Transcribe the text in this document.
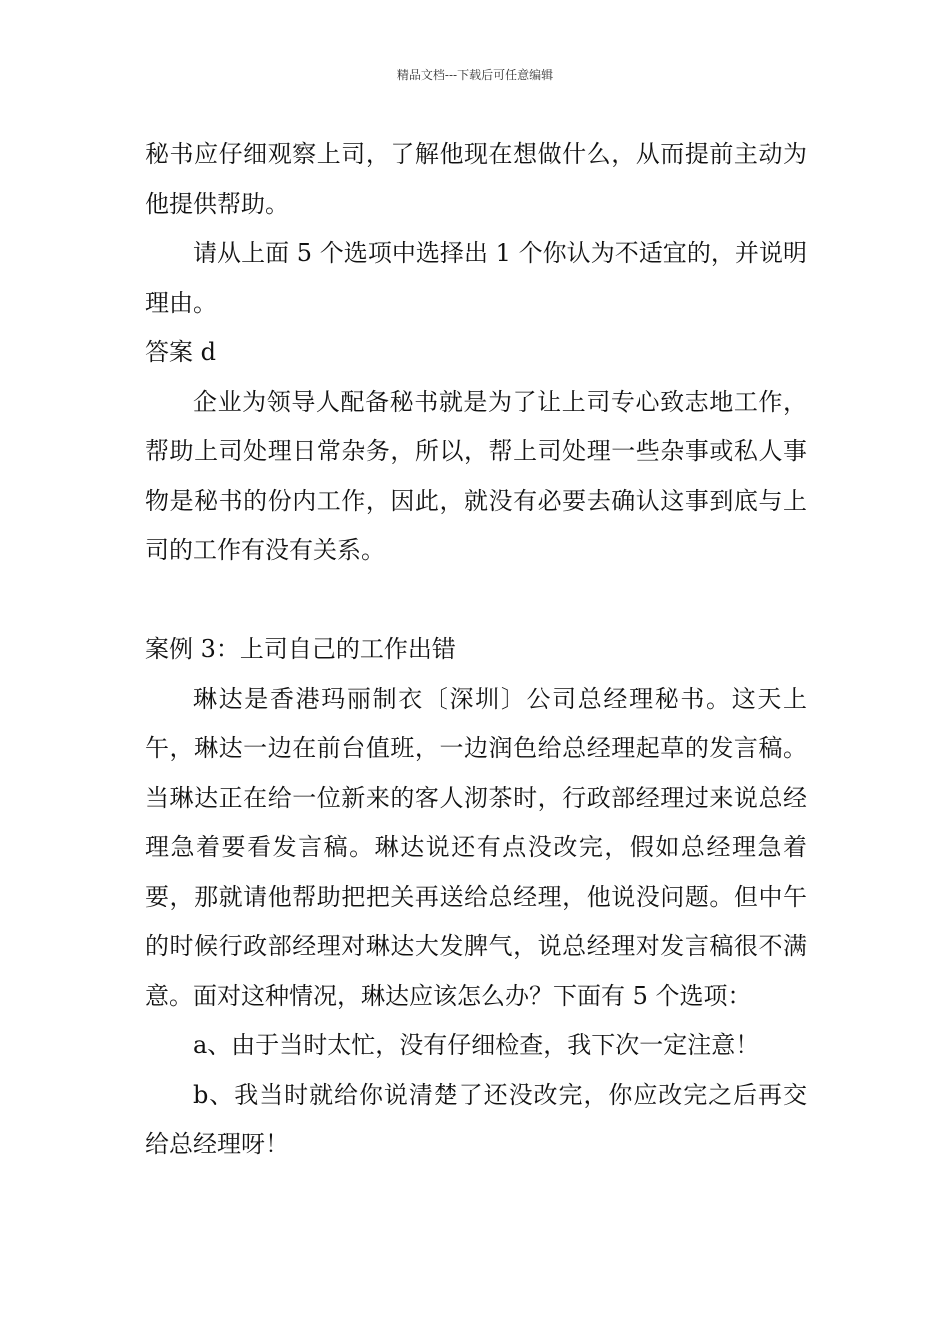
精品文档---下载后可任意编辑

秘书应仔细观察上司，了解他现在想做什么，从而提前主动为他提供帮助。

请从上面 5 个选项中选择出 1 个你认为不适宜的，并说明理由。

答案 d

企业为领导人配备秘书就是为了让上司专心致志地工作，帮助上司处理日常杂务，所以，帮上司处理一些杂事或私人事物是秘书的份内工作，因此，就没有必要去确认这事到底与上司的工作有没有关系。

案例 3：上司自己的工作出错

琳达是香港玛丽制衣〔深圳〕公司总经理秘书。这天上午，琳达一边在前台值班，一边润色给总经理起草的发言稿。当琳达正在给一位新来的客人沏茶时，行政部经理过来说总经理急着要看发言稿。琳达说还有点没改完，假如总经理急着要，那就请他帮助把把关再送给总经理，他说没问题。但中午的时候行政部经理对琳达大发脾气，说总经理对发言稿很不满意。面对这种情况，琳达应该怎么办？下面有 5 个选项：

a、由于当时太忙，没有仔细检查，我下次一定注意！

b、我当时就给你说清楚了还没改完，你应改完之后再交给总经理呀！
